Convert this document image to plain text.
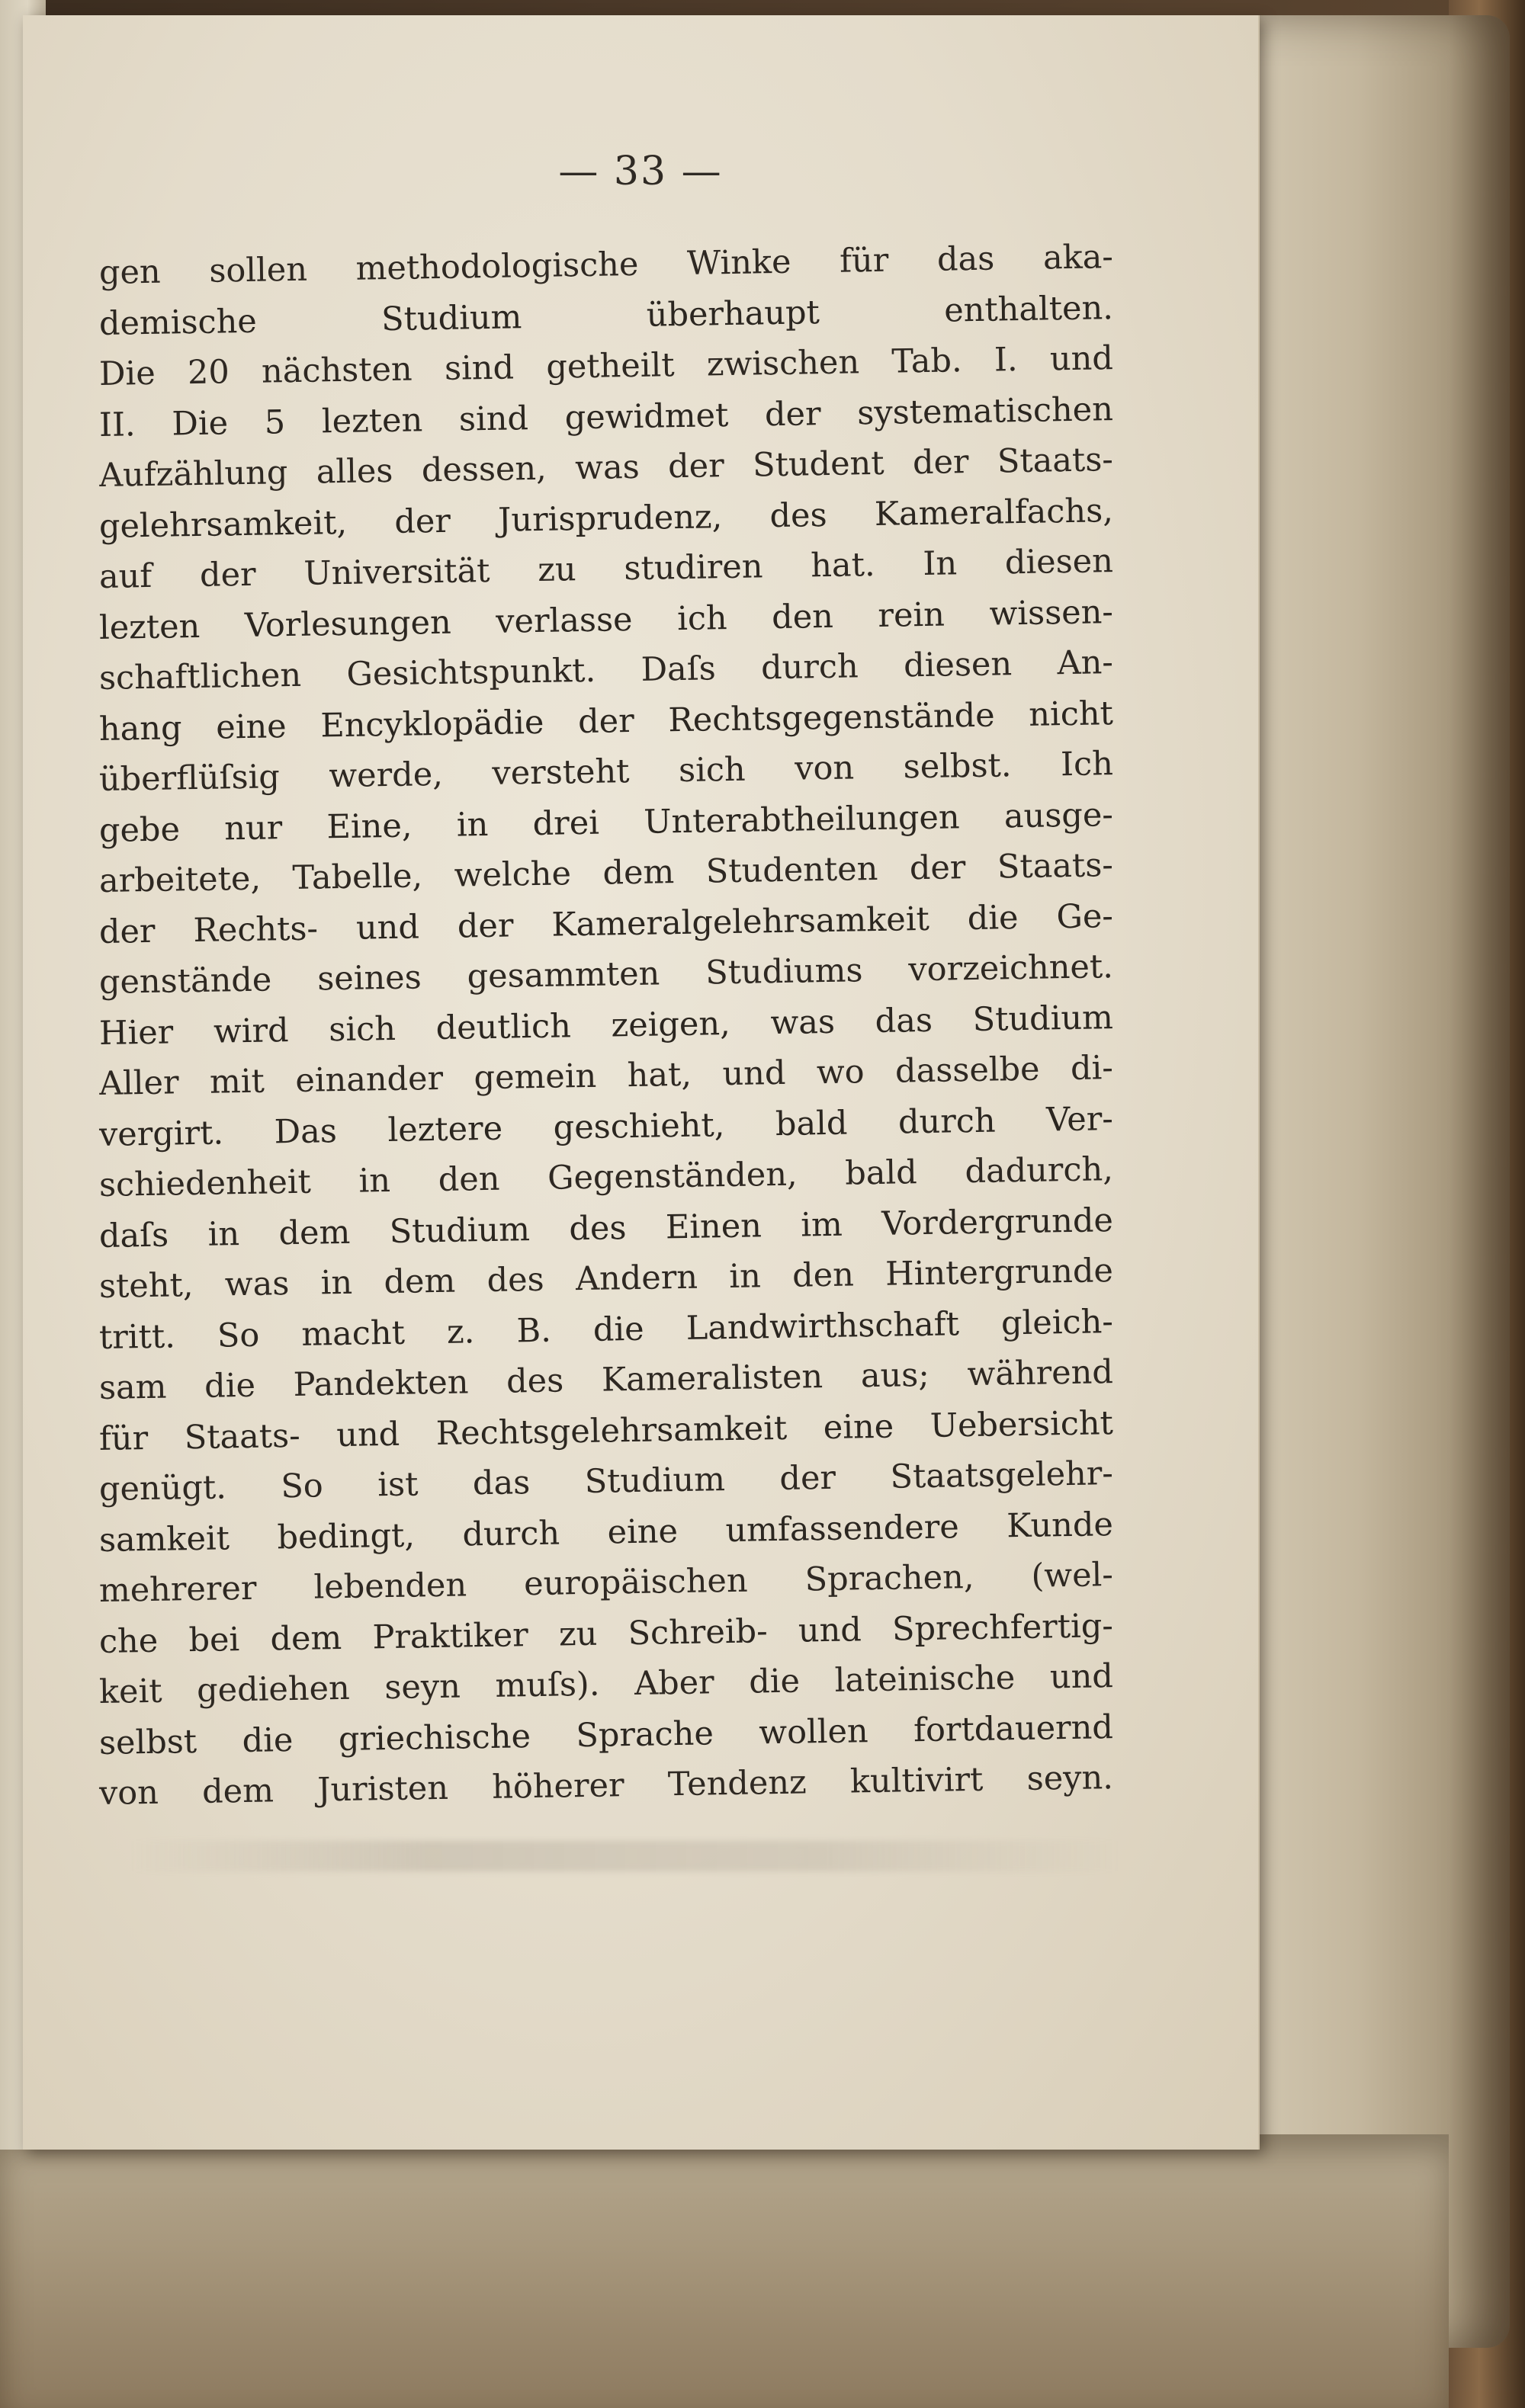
— 33 —
gen sollen methodologische Winke für das aka-
demische Studium überhaupt enthalten.
Die 20 nächsten sind getheilt zwischen Tab. I. und
II. Die 5 lezten sind gewidmet der systematischen
Aufzählung alles dessen, was der Student der Staats-
gelehrsamkeit, der Jurisprudenz, des Kameralfachs,
auf der Universität zu studiren hat. In diesen
lezten Vorlesungen verlasse ich den rein wissen-
schaftlichen Gesichtspunkt. Daſs durch diesen An-
hang eine Encyklopädie der Rechtsgegenstände nicht
überflüſsig werde, versteht sich von selbst. Ich
gebe nur Eine, in drei Unterabtheilungen ausge-
arbeitete, Tabelle, welche dem Studenten der Staats-
der Rechts- und der Kameralgelehrsamkeit die Ge-
genstände seines gesammten Studiums vorzeichnet.
Hier wird sich deutlich zeigen, was das Studium
Aller mit einander gemein hat, und wo dasselbe di-
vergirt. Das leztere geschieht, bald durch Ver-
schiedenheit in den Gegenständen, bald dadurch,
daſs in dem Studium des Einen im Vordergrunde
steht, was in dem des Andern in den Hintergrunde
tritt. So macht z. B. die Landwirthschaft gleich-
sam die Pandekten des Kameralisten aus; während
für Staats- und Rechtsgelehrsamkeit eine Uebersicht
genügt. So ist das Studium der Staatsgelehr-
samkeit bedingt, durch eine umfassendere Kunde
mehrerer lebenden europäischen Sprachen, (wel-
che bei dem Praktiker zu Schreib- und Sprechfertig-
keit gediehen seyn muſs). Aber die lateinische und
selbst die griechische Sprache wollen fortdauernd
von dem Juristen höherer Tendenz kultivirt seyn.
